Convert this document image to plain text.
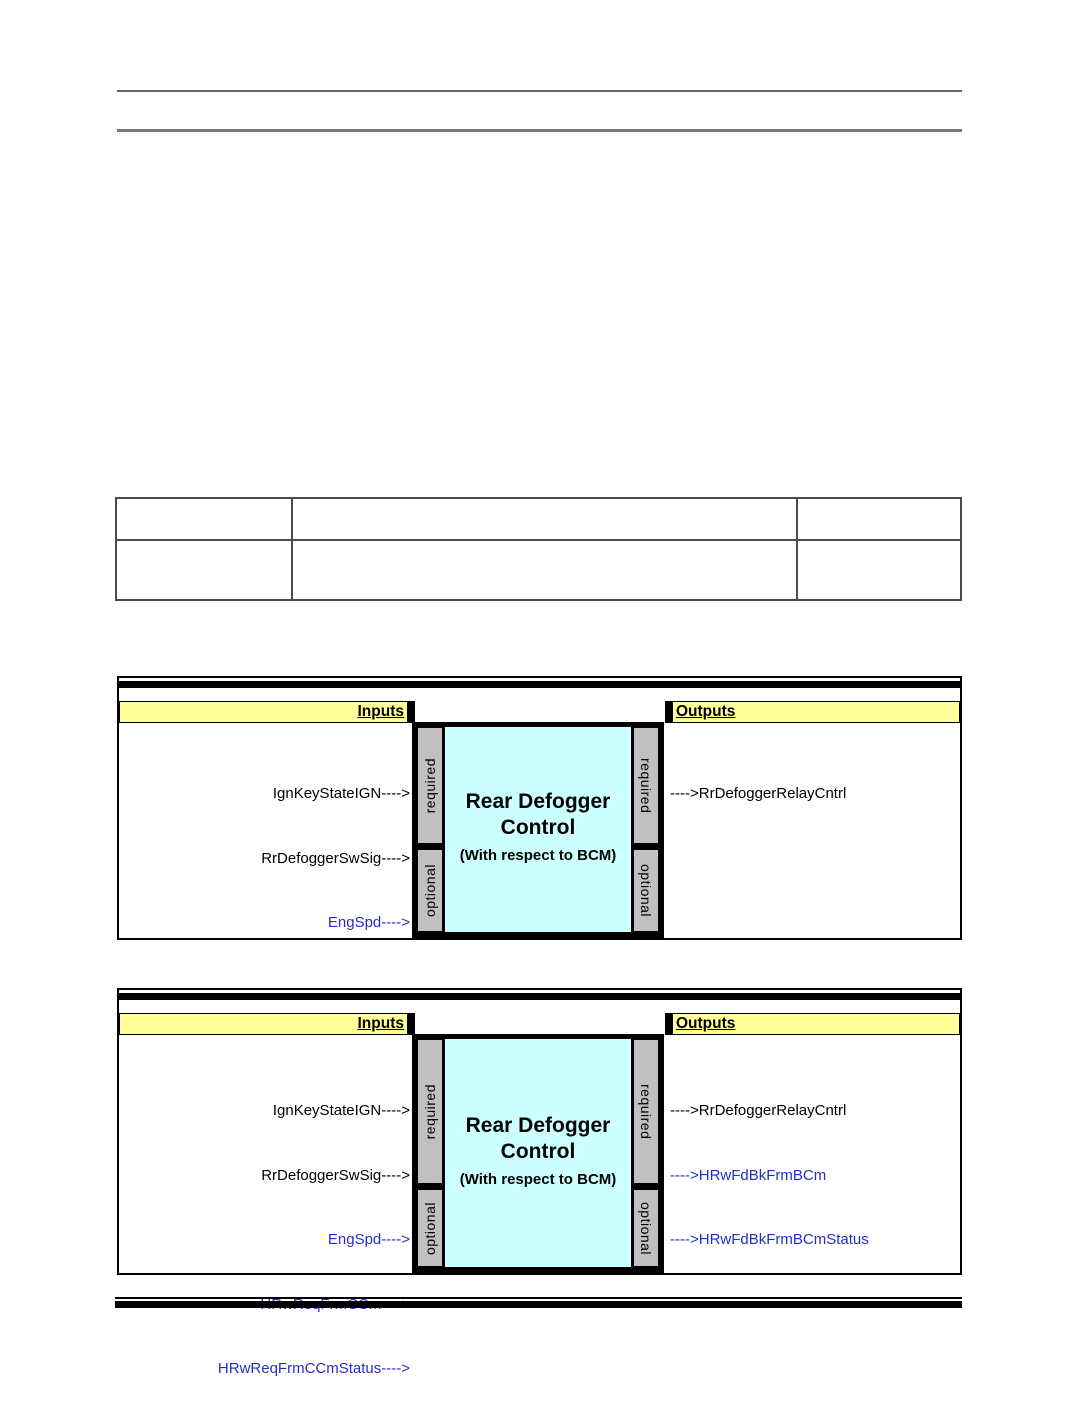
Inputs	Outputs

IgnKeyStateIGN---->

RrDefoggerSwSig---->

EngSpd---->

---->RrDefoggerRelayCntrl

required
optional
Rear Defogger
Control
(With respect to BCM)
required
optional
Inputs	Outputs

IgnKeyStateIGN---->

RrDefoggerSwSig---->

EngSpd---->

HRwReqFrmCCmStatus---->

---->RrDefoggerRelayCntrl

---->HRwFdBkFrmBCm

---->HRwFdBkFrmBCmStatus

required
optional
Rear Defogger
Control
(With respect to BCM)
required
optional
